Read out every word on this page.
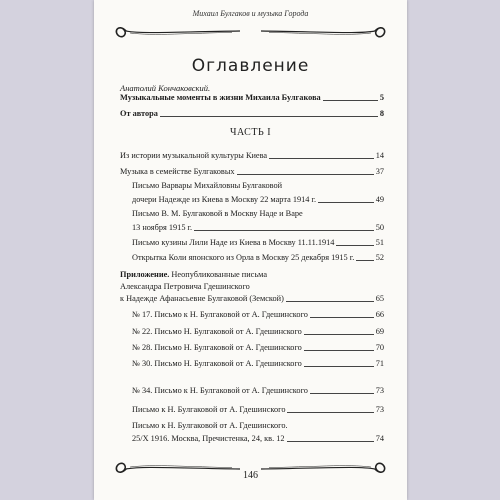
Михаил Булгаков и музыка Города
Оглавление
Анатолий Кончаковский.
Музыкальные моменты в жизни Михаила Булгакова	5
От автора	8
ЧАСТЬ I
Из истории музыкальной культуры Киева	14
Музыка в семействе Булгаковых	37
Письмо Варвары Михайловны Булгаковой
дочери Надежде из Киева в Москву 22 марта 1914 г.	49
Письмо В. М. Булгаковой в Москву Наде и Варе
13 ноября 1915 г.	50
Письмо кузины Лили Наде из Киева в Москву 11.11.1914	51
Открытка Коли японского из Орла в Москву 25 декабря 1915 г.	52
Приложение. Неопубликованные письма
Александра Петровича Гдешинского
к Надежде Афанасьевне Булгаковой (Земской)	65
№ 17. Письмо к Н. Булгаковой от А. Гдешинского	66
№ 22. Письмо Н. Булгаковой от А. Гдешинского	69
№ 28. Письмо Н. Булгаковой от А. Гдешинского	70
№ 30. Письмо Н. Булгаковой от А. Гдешинского	71
№ 34. Письмо к Н. Булгаковой от А. Гдешинского	73
Письмо к Н. Булгаковой от А. Гдешинского	73
Письмо к Н. Булгаковой от А. Гдешинского.
25/X 1916. Москва, Пречистенка, 24, кв. 12	74
146
